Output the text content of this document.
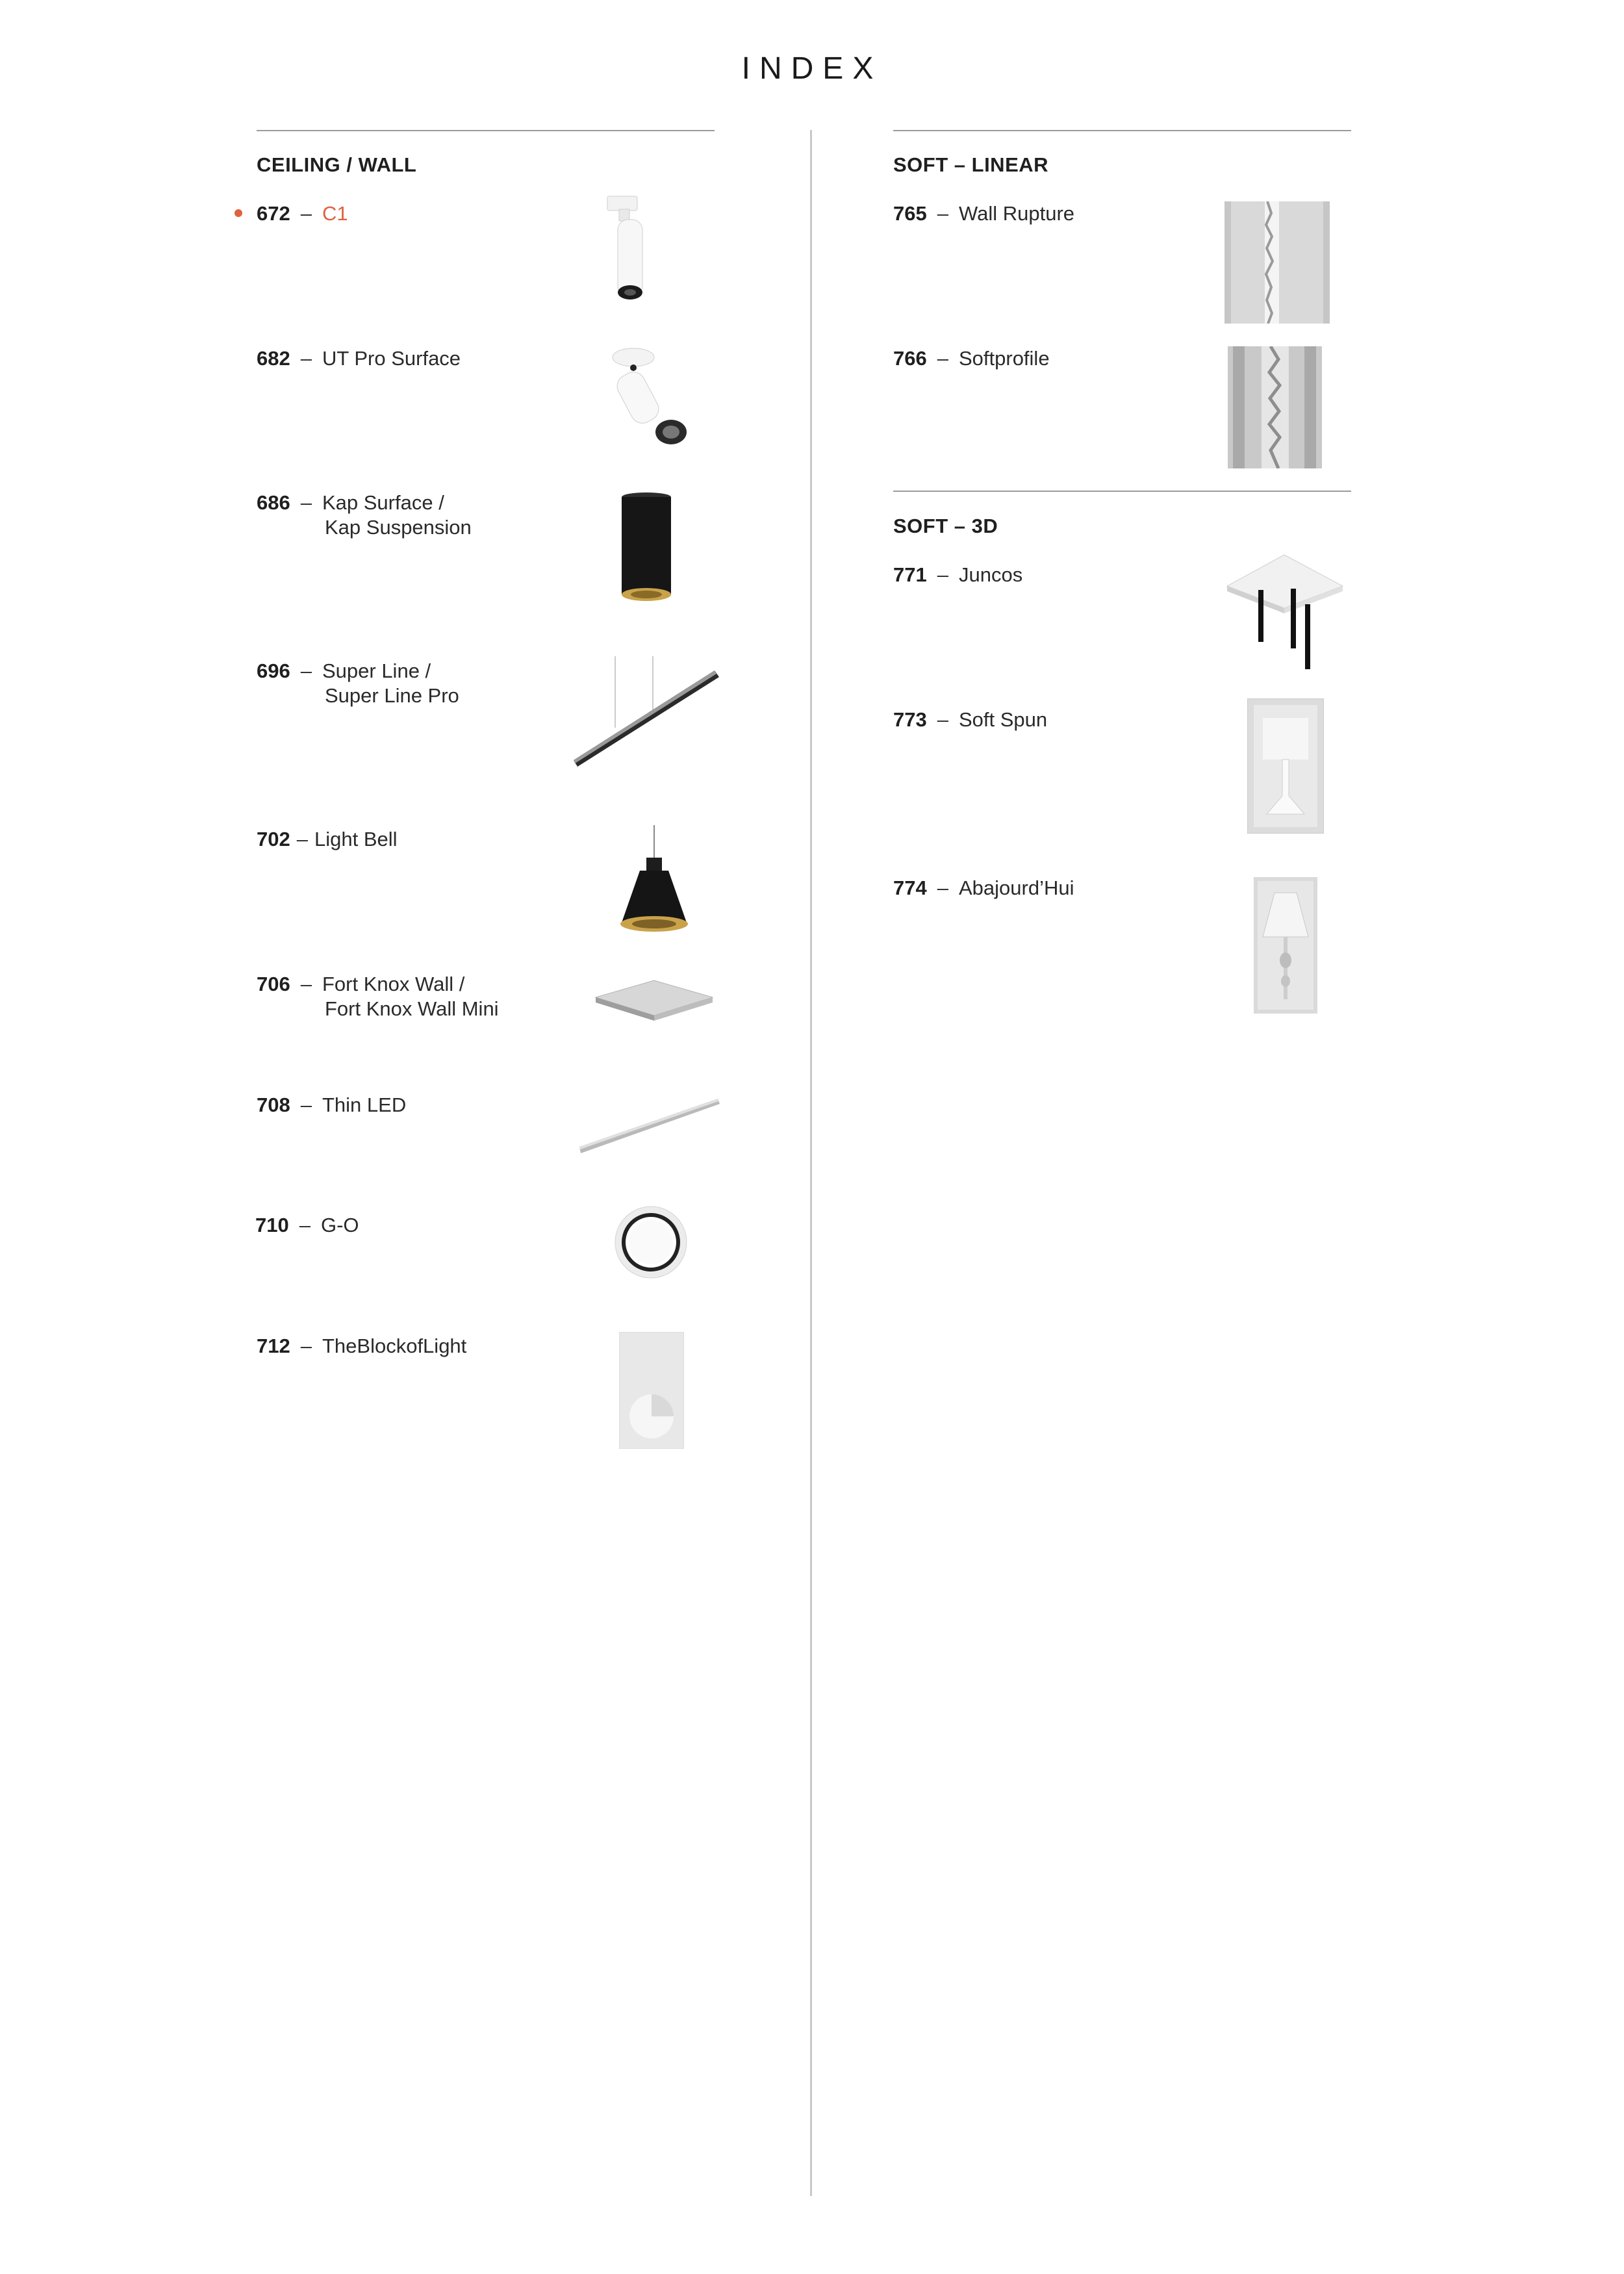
INDEX
CEILING / WALL	SOFT – LINEAR
SOFT – 3D
672 – C1
682 – UT Pro Surface
686 – Kap Surface /
Kap Suspension
696 – Super Line /
Super Line Pro
702 – Light Bell
706 – Fort Knox Wall /
Fort Knox Wall Mini
708 – Thin LED
710 – G-O
712 – TheBlockofLight
765 – Wall Rupture
766 – Softprofile
771 – Juncos
773 – Soft Spun
774 – Abajourd’Hui
